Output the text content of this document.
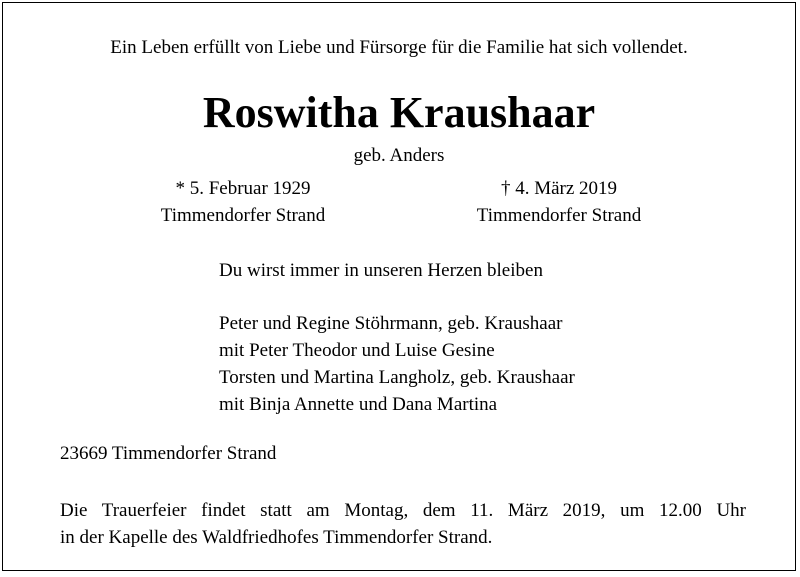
Ein Leben erfüllt von Liebe und Fürsorge für die Familie hat sich vollendet.
Roswitha Kraushaar
geb. Anders
* 5. Februar 1929
Timmendorfer Strand
† 4. März 2019
Timmendorfer Strand
Du wirst immer in unseren Herzen bleiben
Peter und Regine Stöhrmann, geb. Kraushaar
mit Peter Theodor und Luise Gesine
Torsten und Martina Langholz, geb. Kraushaar
mit Binja Annette und Dana Martina
23669 Timmendorfer Strand
Die Trauerfeier findet statt am Montag, dem 11. März 2019, um 12.00 Uhr
in der Kapelle des Waldfriedhofes Timmendorfer Strand.
